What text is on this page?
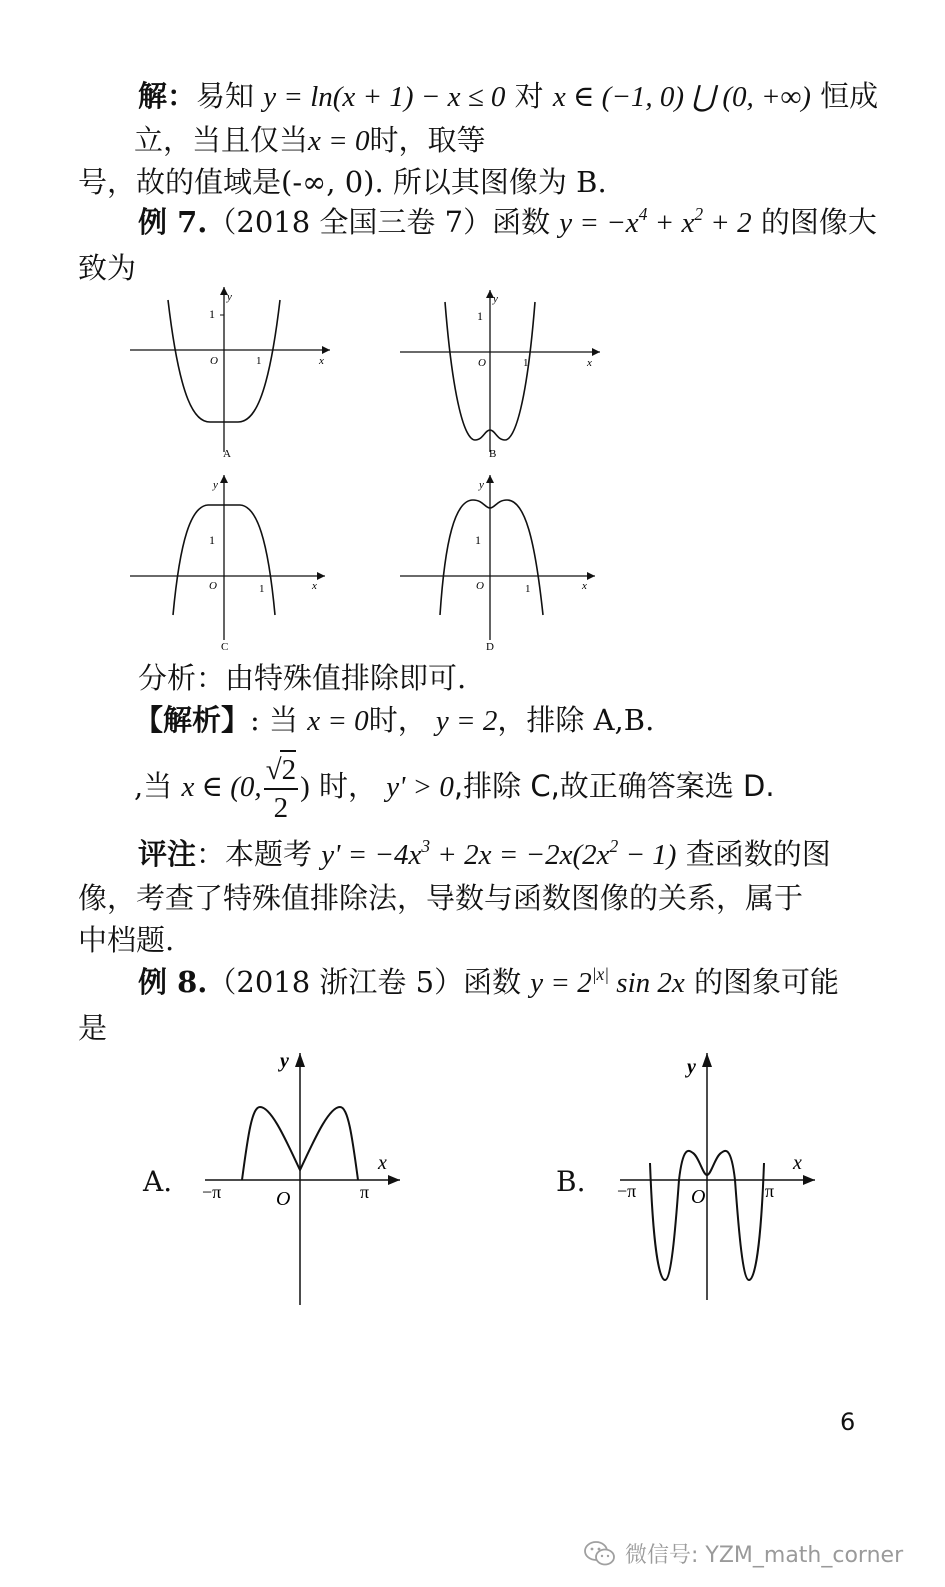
解：易知 y = ln(x + 1) − x ≤ 0 对 x ∈ (−1, 0) ⋃ (0, +∞) 恒成
立，当且仅当x = 0时，取等
号，故的值域是(-∞, 0). 所以其图像为 B.
例 7.（2018 全国三卷 7）函数 $y = -x^4 + x^2 + 2$ 的图像大
致为
1
y
x
O	1
A
1
y
x
O	1
B
1
y
x
O	1
C
1
y
x
O	1
D
分析：由特殊值排除即可.
【解析】: 当 x = 0时， y = 2，排除 A,B.
,当 x ∈ (0, $\frac{√2}{2}$ ) 时， y' > 0,排除 C,故正确答案选 D.
评注：本题考 $y' = -4x^3 + 2x = -2x(2x^2 - 1)$ 查函数的图
像，考查了特殊值排除法，导数与函数图像的关系，属于
中档题.
例 8.（2018 浙江卷 5）函数 $y = 2^{|x|}$ sin 2x 的图象可能
是
A.	B.
y
x
O
−π	π
y
x
O
−π	π
6
微信号: YZM_math_corner
